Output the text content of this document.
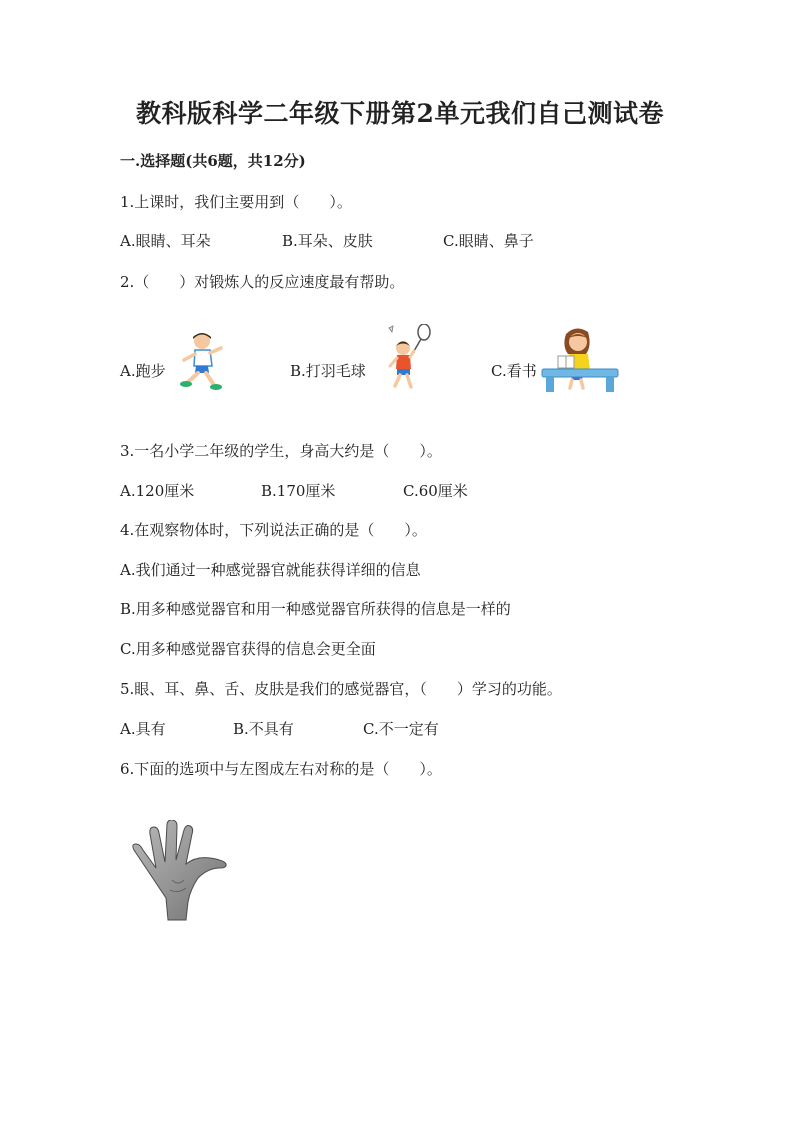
教科版科学二年级下册第2单元我们自己测试卷
一.选择题(共6题，共12分)
1.上课时，我们主要用到（　　）。
A.眼睛、耳朵	B.耳朵、皮肤	C.眼睛、鼻子
2.（　　）对锻炼人的反应速度最有帮助。
A.跑步	B.打羽毛球	C.看书
3.一名小学二年级的学生，身高大约是（　　）。
A.120厘米	B.170厘米	C.60厘米
4.在观察物体时，下列说法正确的是（　　）。
A.我们通过一种感觉器官就能获得详细的信息
B.用多种感觉器官和用一种感觉器官所获得的信息是一样的
C.用多种感觉器官获得的信息会更全面
5.眼、耳、鼻、舌、皮肤是我们的感觉器官，（　　）学习的功能。
A.具有	B.不具有	C.不一定有
6.下面的选项中与左图成左右对称的是（　　）。
